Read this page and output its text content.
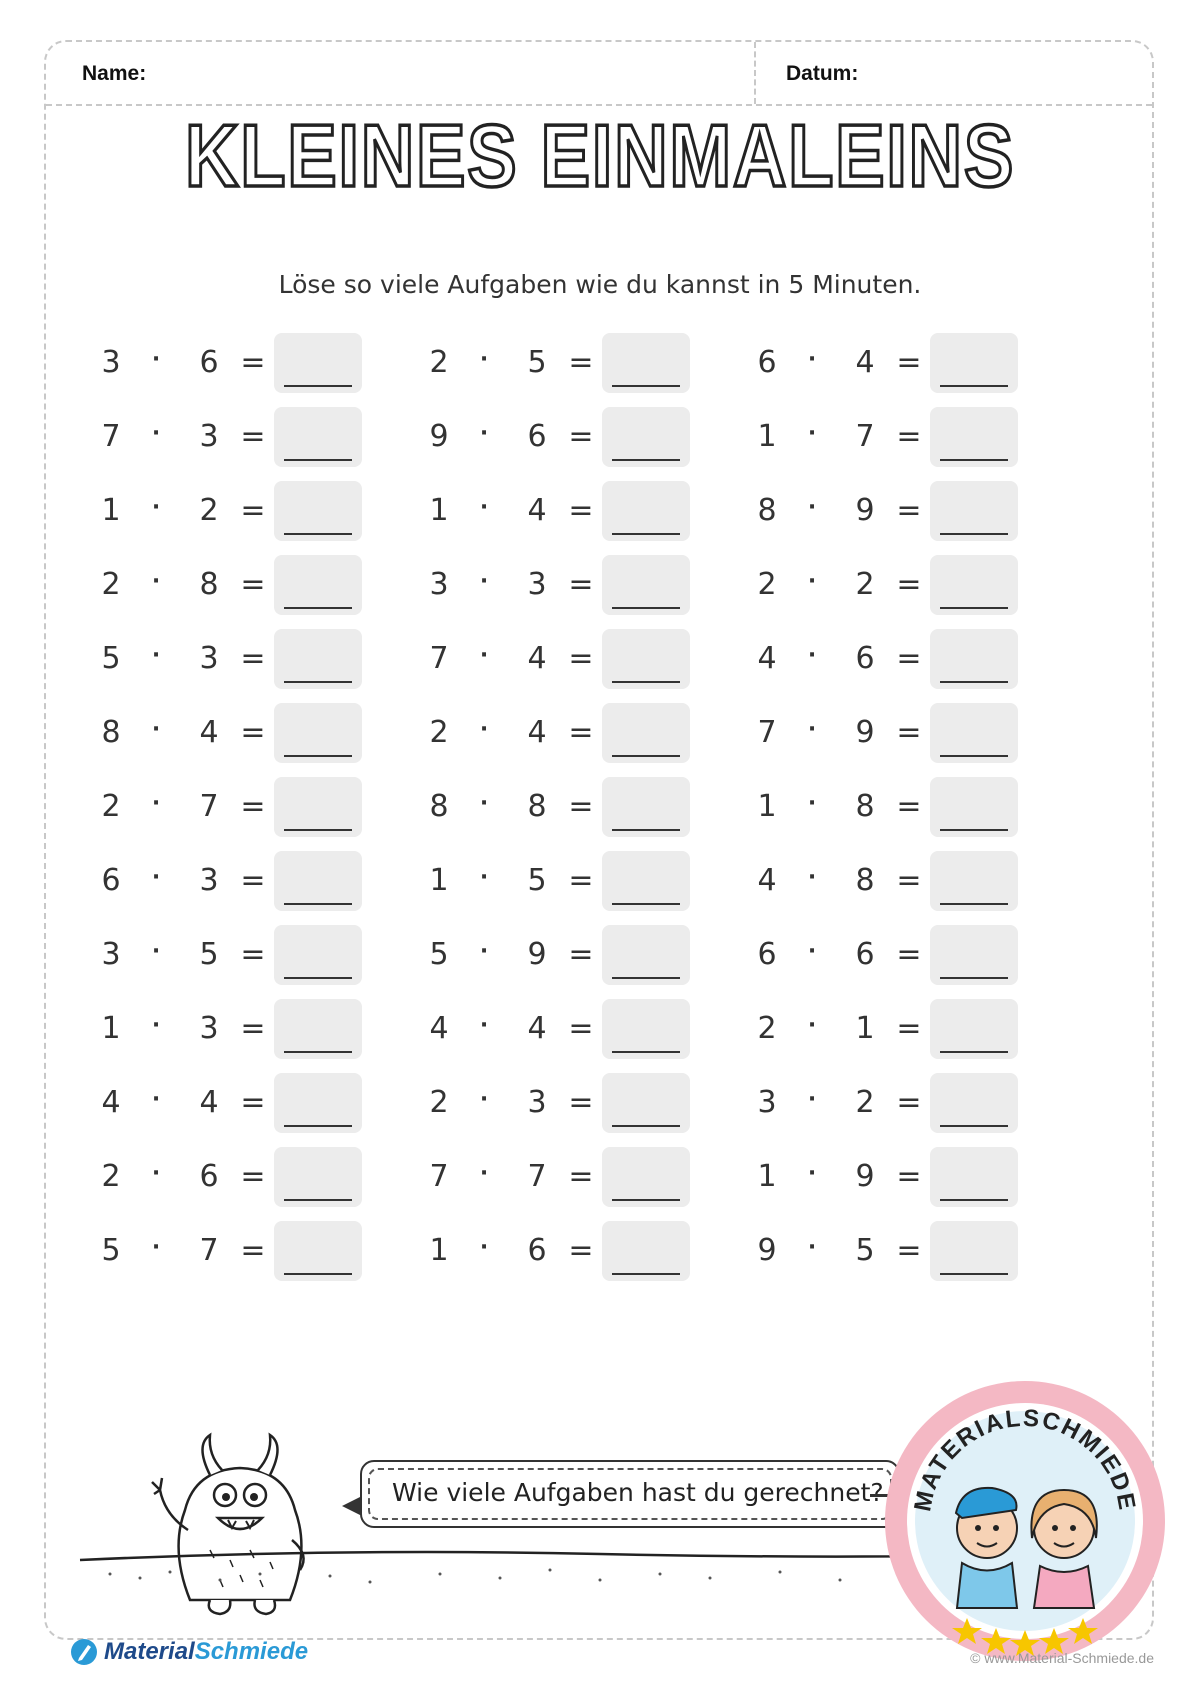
Name:	Datum:
KLEINES EINMALEINS
Löse so viele Aufgaben wie du kannst in 5 Minuten.
3 · 6 =
7 · 3 =
1 · 2 =
2 · 8 =
5 · 3 =
8 · 4 =
2 · 7 =
6 · 3 =
3 · 5 =
1 · 3 =
4 · 4 =
2 · 6 =
5 · 7 =
2 · 5 =
9 · 6 =
1 · 4 =
3 · 3 =
7 · 4 =
2 · 4 =
8 · 8 =
1 · 5 =
5 · 9 =
4 · 4 =
2 · 3 =
7 · 7 =
1 · 6 =
6 · 4 =
1 · 7 =
8 · 9 =
2 · 2 =
4 · 6 =
7 · 9 =
1 · 8 =
4 · 8 =
6 · 6 =
2 · 1 =
3 · 2 =
1 · 9 =
9 · 5 =
Wie viele Aufgaben hast du gerechnet? MATERIALSCHMIEDE
MaterialSchmiede	© www.Material-Schmiede.de
